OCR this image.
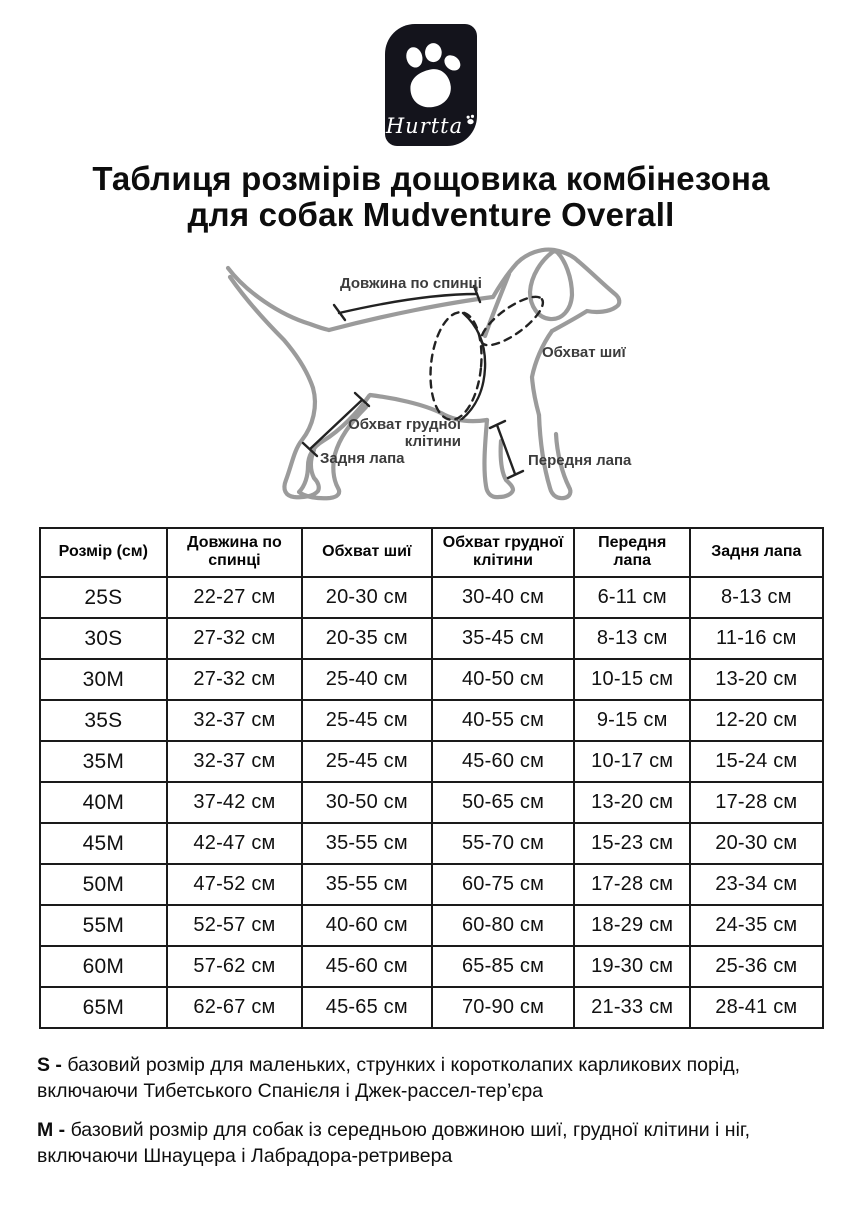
Hurtta
Таблиця розмірів дощовика комбінезона
для собак Mudventure Overall
Довжина по спинці
Обхват шиї
Обхват грудної клітини
Задня лапа	Передня лапа
Розмір (см)	Довжина по спинці	Обхват шиї	Обхват грудної клітини	Передня лапа	Задня лапа
25S	22-27 см	20-30 см	30-40 см	6-11 см	8-13 см
30S	27-32 см	20-35 см	35-45 см	8-13 см	11-16 см
30M	27-32 см	25-40 см	40-50 см	10-15 см	13-20 см
35S	32-37 см	25-45 см	40-55 см	9-15 см	12-20 см
35M	32-37 см	25-45 см	45-60 см	10-17 см	15-24 см
40M	37-42 см	30-50 см	50-65 см	13-20 см	17-28 см
45M	42-47 см	35-55 см	55-70 см	15-23 см	20-30 см
50M	47-52 см	35-55 см	60-75 см	17-28 см	23-34 см
55M	52-57 см	40-60 см	60-80 см	18-29 см	24-35 см
60M	57-62 см	45-60 см	65-85 см	19-30 см	25-36 см
65M	62-67 см	45-65 см	70-90 см	21-33 см	28-41 см

S - базовий розмір для маленьких, струнких і коротколапих карликових порід, включаючи Тибетського Спанієля і Джек-рассел-тер’єра

M - базовий розмір для собак із середньою довжиною шиї, грудної клітини і ніг, включаючи Шнауцера і Лабрадора-ретривера
